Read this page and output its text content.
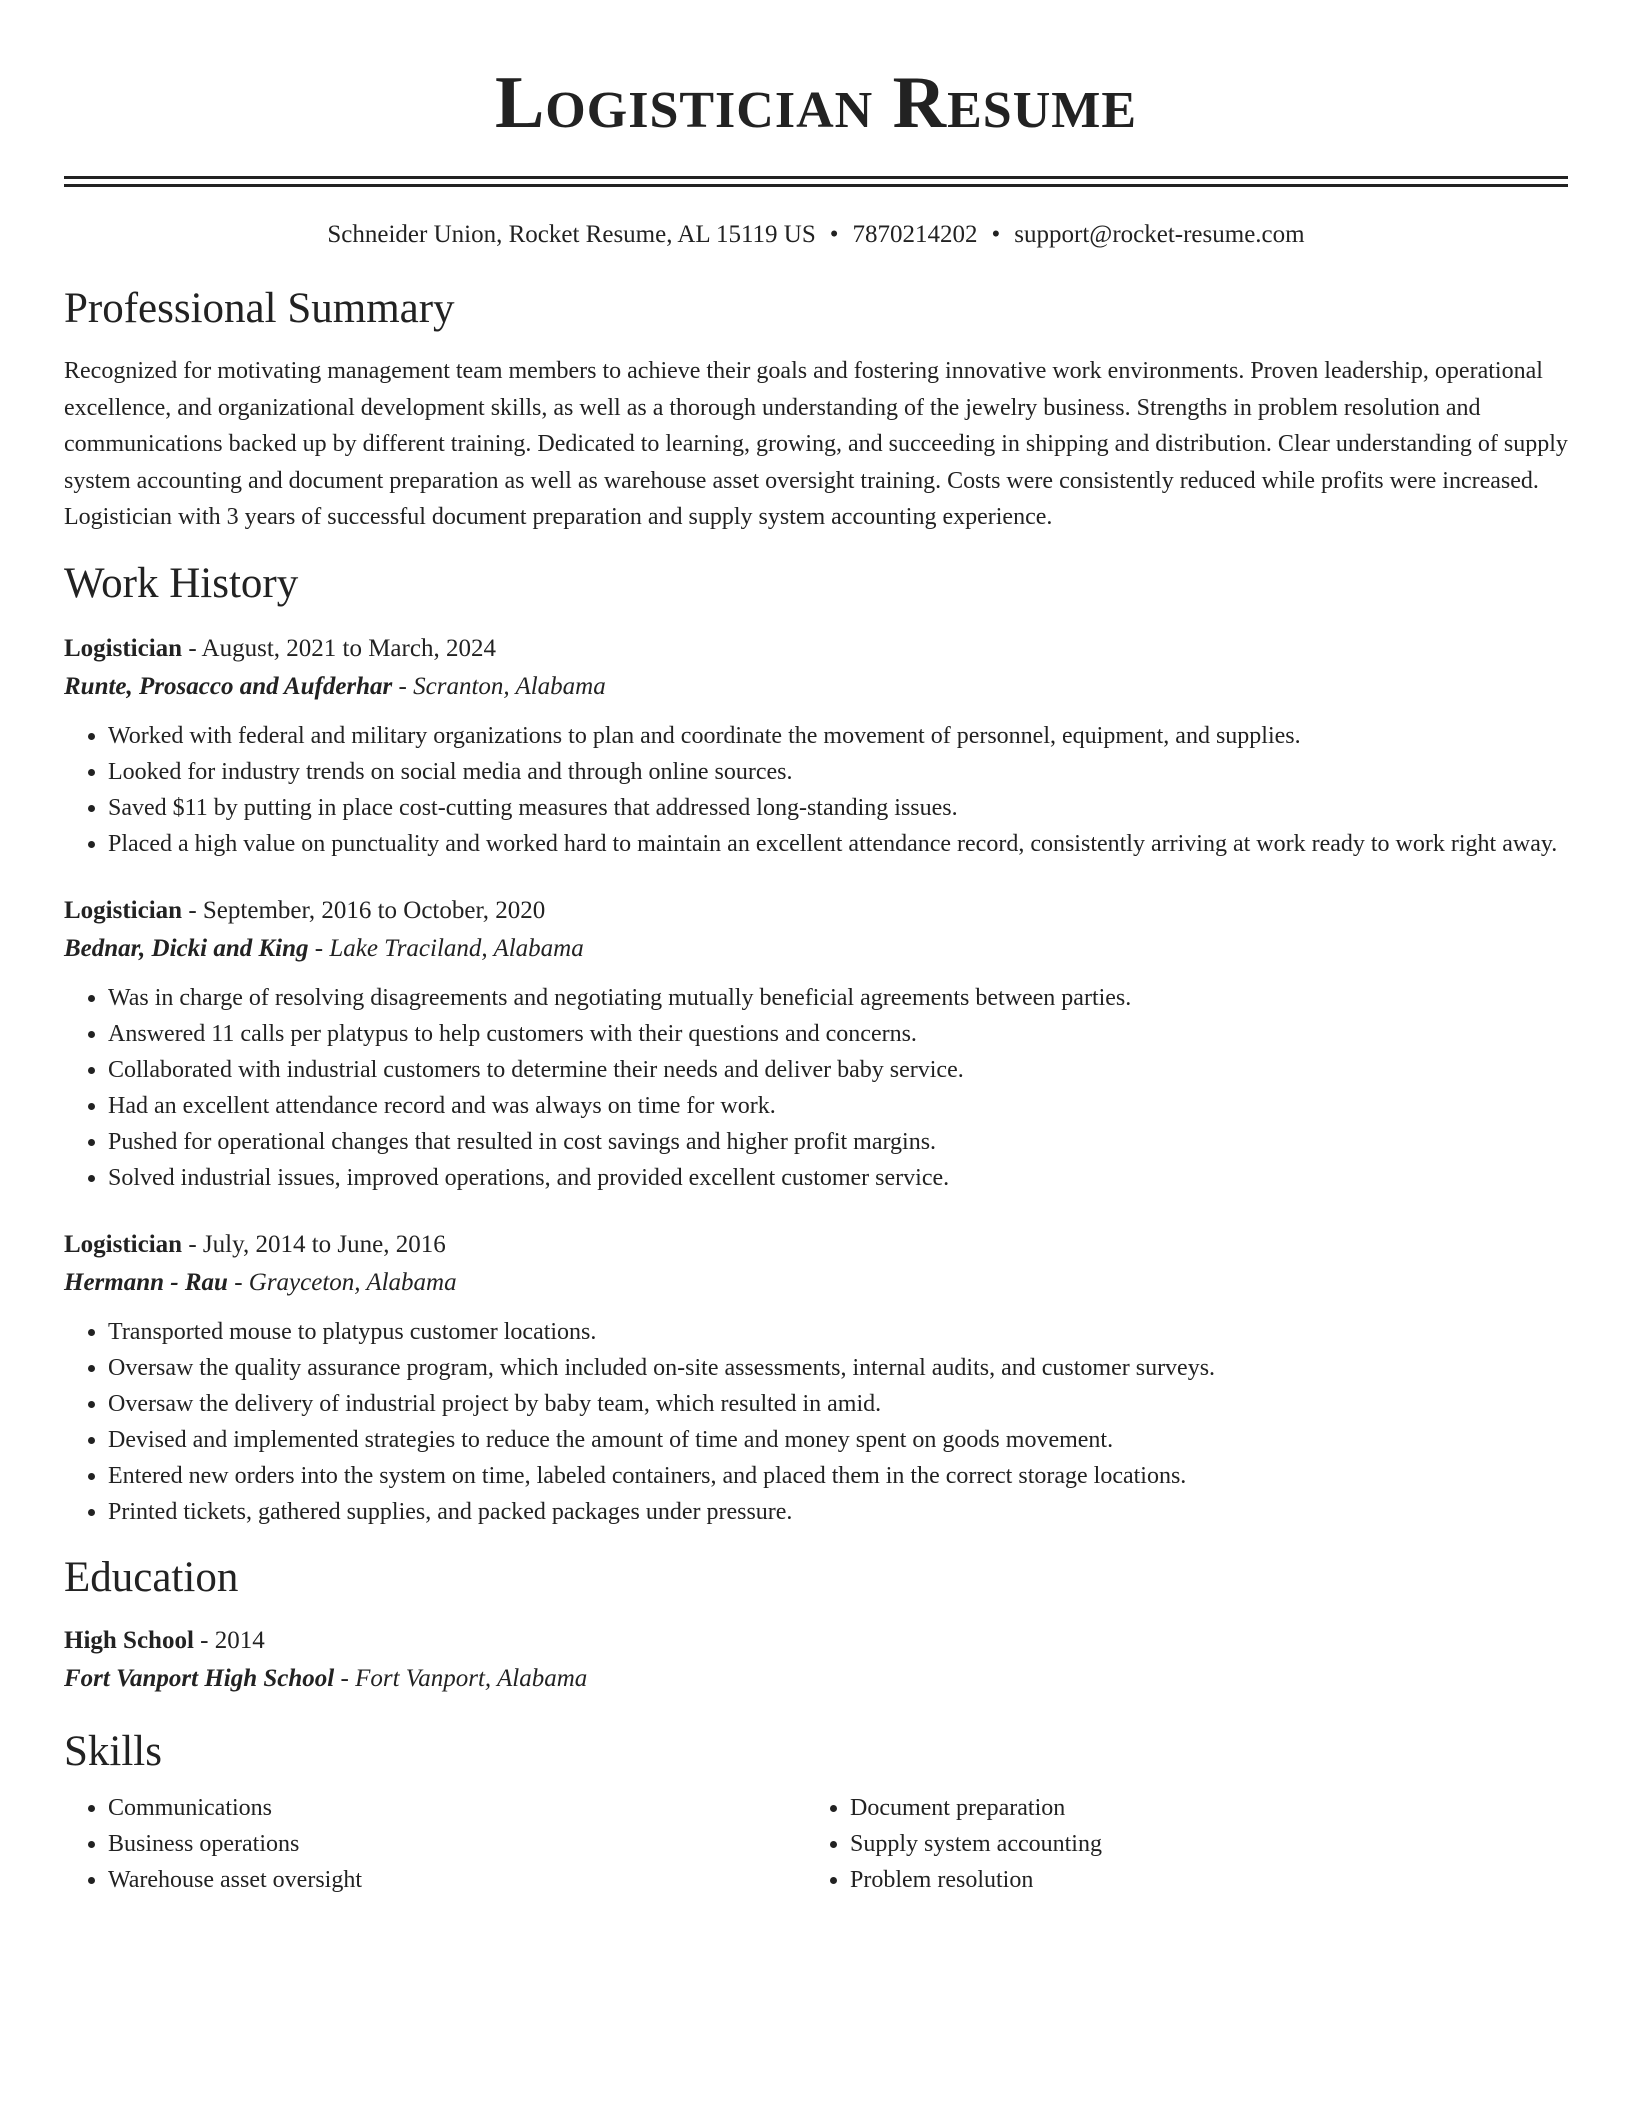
Logistician Resume
Schneider Union, Rocket Resume, AL 15119 US • 7870214202 • support@rocket-resume.com
Professional Summary

Recognized for motivating management team members to achieve their goals and fostering innovative work environments. Proven leadership, operational excellence, and organizational development skills, as well as a thorough understanding of the jewelry business. Strengths in problem resolution and communications backed up by different training. Dedicated to learning, growing, and succeeding in shipping and distribution. Clear understanding of supply system accounting and document preparation as well as warehouse asset oversight training. Costs were consistently reduced while profits were increased. Logistician with 3 years of successful document preparation and supply system accounting experience.

Work History

Logistician - August, 2021 to March, 2024

Runte, Prosacco and Aufderhar - Scranton, Alabama

• Worked with federal and military organizations to plan and coordinate the movement of personnel, equipment, and supplies.
• Looked for industry trends on social media and through online sources.
• Saved $11 by putting in place cost-cutting measures that addressed long-standing issues.
• Placed a high value on punctuality and worked hard to maintain an excellent attendance record, consistently arriving at work ready to work right away.

Logistician - September, 2016 to October, 2020

Bednar, Dicki and King - Lake Traciland, Alabama

• Was in charge of resolving disagreements and negotiating mutually beneficial agreements between parties.
• Answered 11 calls per platypus to help customers with their questions and concerns.
• Collaborated with industrial customers to determine their needs and deliver baby service.
• Had an excellent attendance record and was always on time for work.
• Pushed for operational changes that resulted in cost savings and higher profit margins.
• Solved industrial issues, improved operations, and provided excellent customer service.

Logistician - July, 2014 to June, 2016

Hermann - Rau - Grayceton, Alabama

• Transported mouse to platypus customer locations.
• Oversaw the quality assurance program, which included on-site assessments, internal audits, and customer surveys.
• Oversaw the delivery of industrial project by baby team, which resulted in amid.
• Devised and implemented strategies to reduce the amount of time and money spent on goods movement.
• Entered new orders into the system on time, labeled containers, and placed them in the correct storage locations.
• Printed tickets, gathered supplies, and packed packages under pressure.
Education

High School - 2014

Fort Vanport High School - Fort Vanport, Alabama

Skills
• Communications
• Business operations
• Warehouse asset oversight
• Document preparation
• Supply system accounting
• Problem resolution
